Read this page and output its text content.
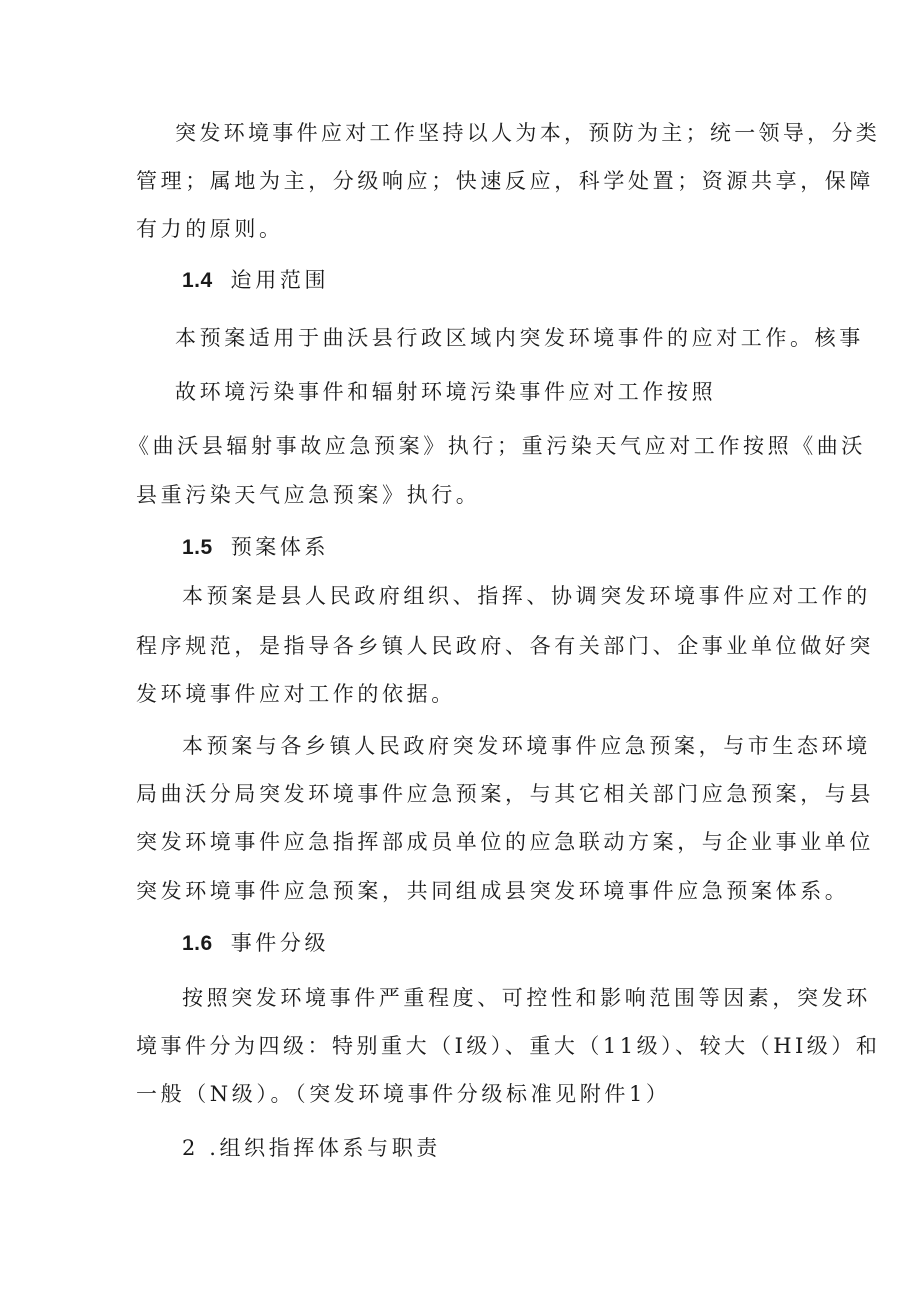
突发环境事件应对工作坚持以人为本，预防为主；统一领导，分类
管理；属地为主，分级响应；快速反应，科学处置；资源共享，保障
有力的原则。
1.4 迨用范围
本预案适用于曲沃县行政区域内突发环境事件的应对工作。核事
故环境污染事件和辐射环境污染事件应对工作按照
《曲沃县辐射事故应急预案》执行；重污染天气应对工作按照《曲沃
县重污染天气应急预案》执行。
1.5 预案体系
本预案是县人民政府组织、指挥、协调突发环境事件应对工作的
程序规范，是指导各乡镇人民政府、各有关部门、企事业单位做好突
发环境事件应对工作的依据。
本预案与各乡镇人民政府突发环境事件应急预案，与市生态环境
局曲沃分局突发环境事件应急预案，与其它相关部门应急预案，与县
突发环境事件应急指挥部成员单位的应急联动方案，与企业事业单位
突发环境事件应急预案，共同组成县突发环境事件应急预案体系。
1.6 事件分级
按照突发环境事件严重程度、可控性和影响范围等因素，突发环
境事件分为四级：特别重大（I级）、重大（11级）、较大（HI级）和
一般（N级）。（突发环境事件分级标准见附件1）
2 .组织指挥体系与职责
